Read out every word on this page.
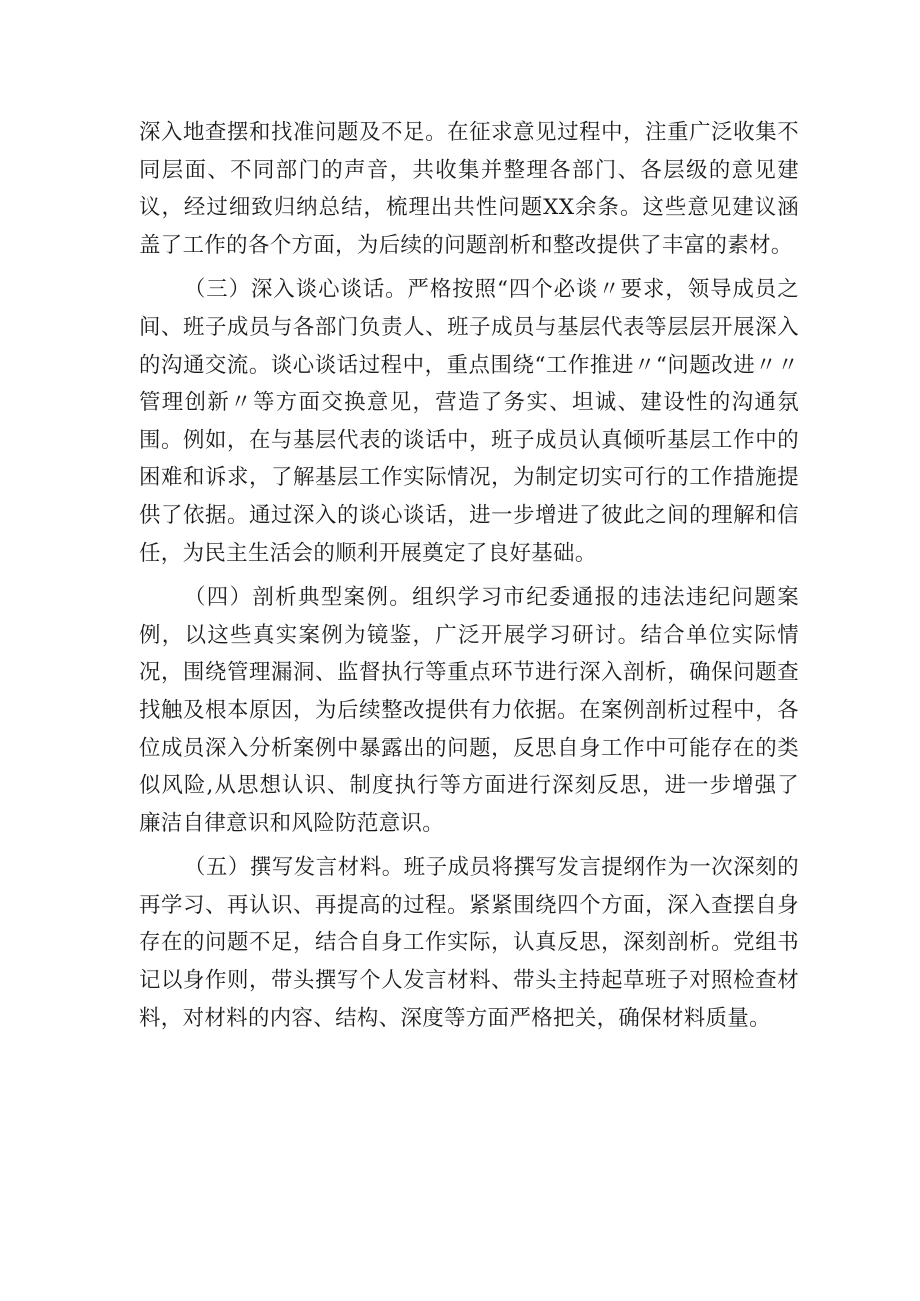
深入地查摆和找准问题及不足。在征求意见过程中，注重广泛收集不同层面、不同部门的声音，共收集并整理各部门、各层级的意见建议，经过细致归纳总结，梳理出共性问题XX余条。这些意见建议涵盖了工作的各个方面，为后续的问题剖析和整改提供了丰富的素材。

（三）深入谈心谈话。严格按照“四个必谈〃要求，领导成员之间、班子成员与各部门负责人、班子成员与基层代表等层层开展深入的沟通交流。谈心谈话过程中，重点围绕“工作推进〃“问题改进〃〃管理创新〃等方面交换意见，营造了务实、坦诚、建设性的沟通氛围。例如，在与基层代表的谈话中，班子成员认真倾听基层工作中的困难和诉求，了解基层工作实际情况，为制定切实可行的工作措施提供了依据。通过深入的谈心谈话，进一步增进了彼此之间的理解和信任，为民主生活会的顺利开展奠定了良好基础。

（四）剖析典型案例。组织学习市纪委通报的违法违纪问题案例，以这些真实案例为镜鉴，广泛开展学习研讨。结合单位实际情况，围绕管理漏洞、监督执行等重点环节进行深入剖析，确保问题查找触及根本原因，为后续整改提供有力依据。在案例剖析过程中，各位成员深入分析案例中暴露出的问题，反思自身工作中可能存在的类似风险,从思想认识、制度执行等方面进行深刻反思，进一步增强了廉洁自律意识和风险防范意识。

（五）撰写发言材料。班子成员将撰写发言提纲作为一次深刻的再学习、再认识、再提高的过程。紧紧围绕四个方面，深入查摆自身存在的问题不足，结合自身工作实际，认真反思，深刻剖析。党组书记以身作则，带头撰写个人发言材料、带头主持起草班子对照检查材料，对材料的内容、结构、深度等方面严格把关，确保材料质量。
